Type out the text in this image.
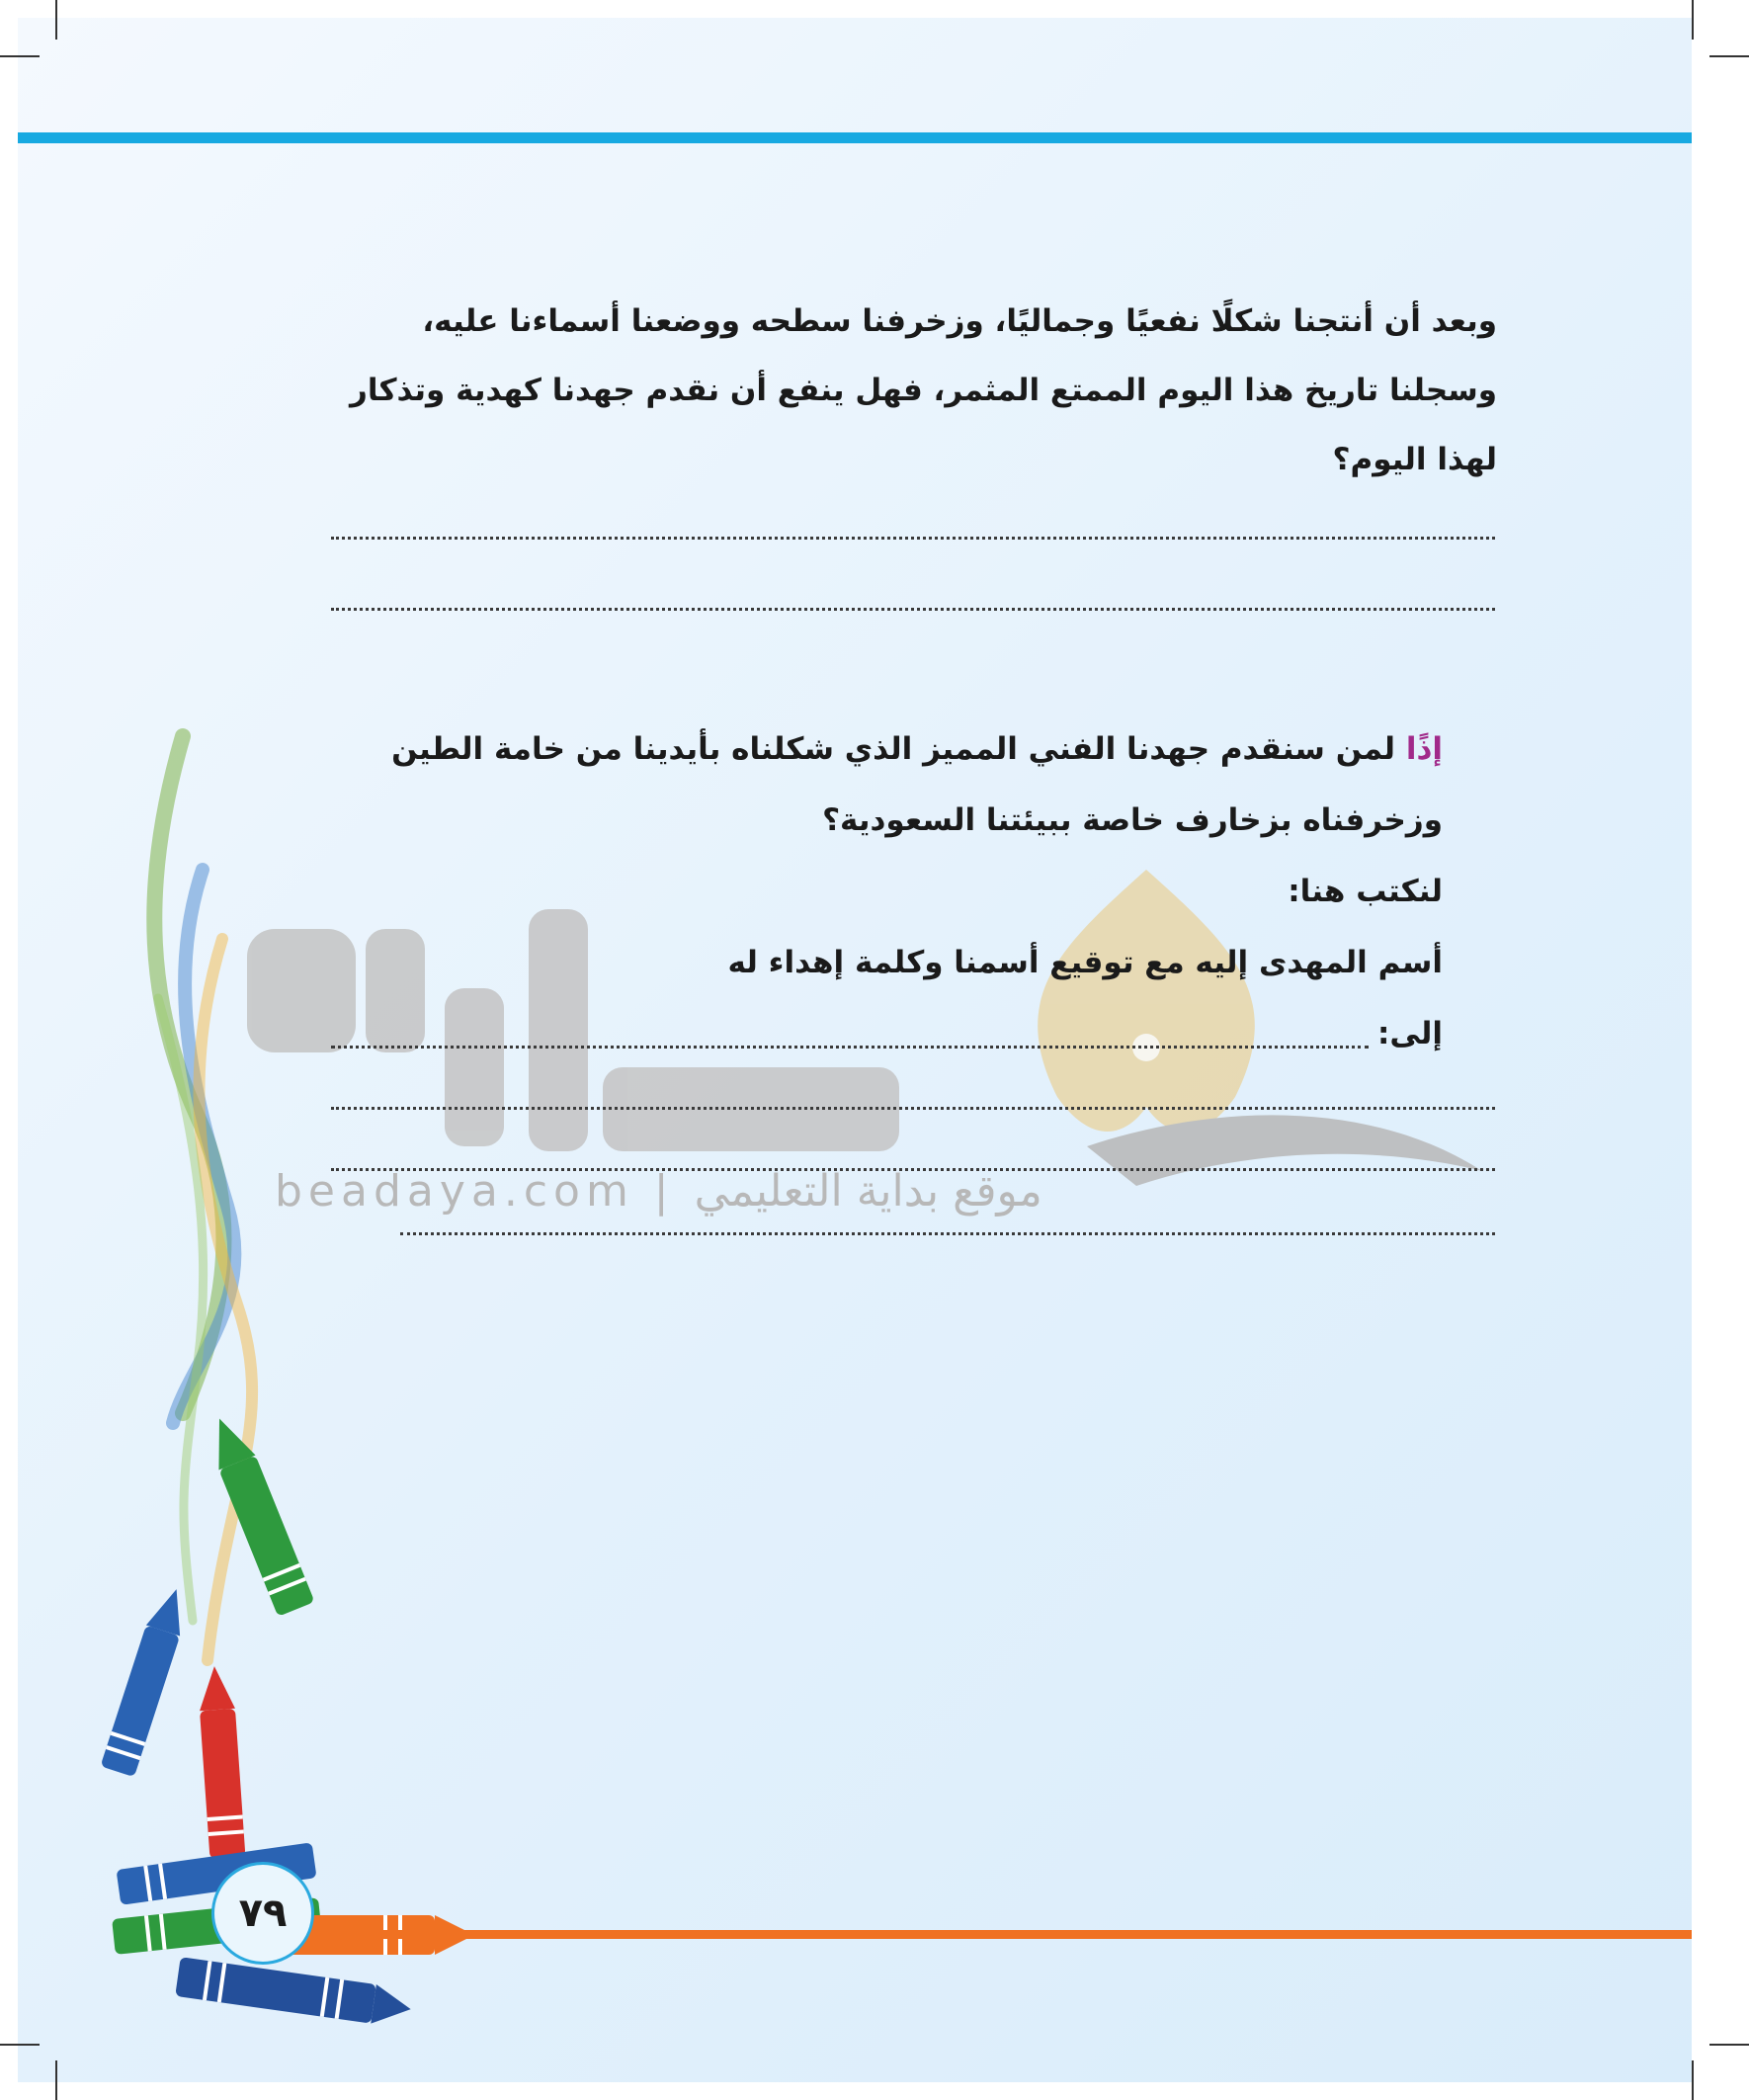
beadaya.com | موقع بداية التعليمي
وبعد أن أنتجنا شكلًا نفعيًا وجماليًا، وزخرفنا سطحه ووضعنا أسماءنا عليه،
وسجلنا تاريخ هذا اليوم الممتع المثمر، فهل ينفع أن نقدم جهدنا كهدية وتذكار
لهذا اليوم؟
إذًا لمن سنقدم جهدنا الفني المميز الذي شكلناه بأيدينا من خامة الطين
وزخرفناه بزخارف خاصة ببيئتنا السعودية؟
لنكتب هنا:
أسم المهدى إليه مع توقيع أسمنا وكلمة إهداء له
إلى:
٧٩
